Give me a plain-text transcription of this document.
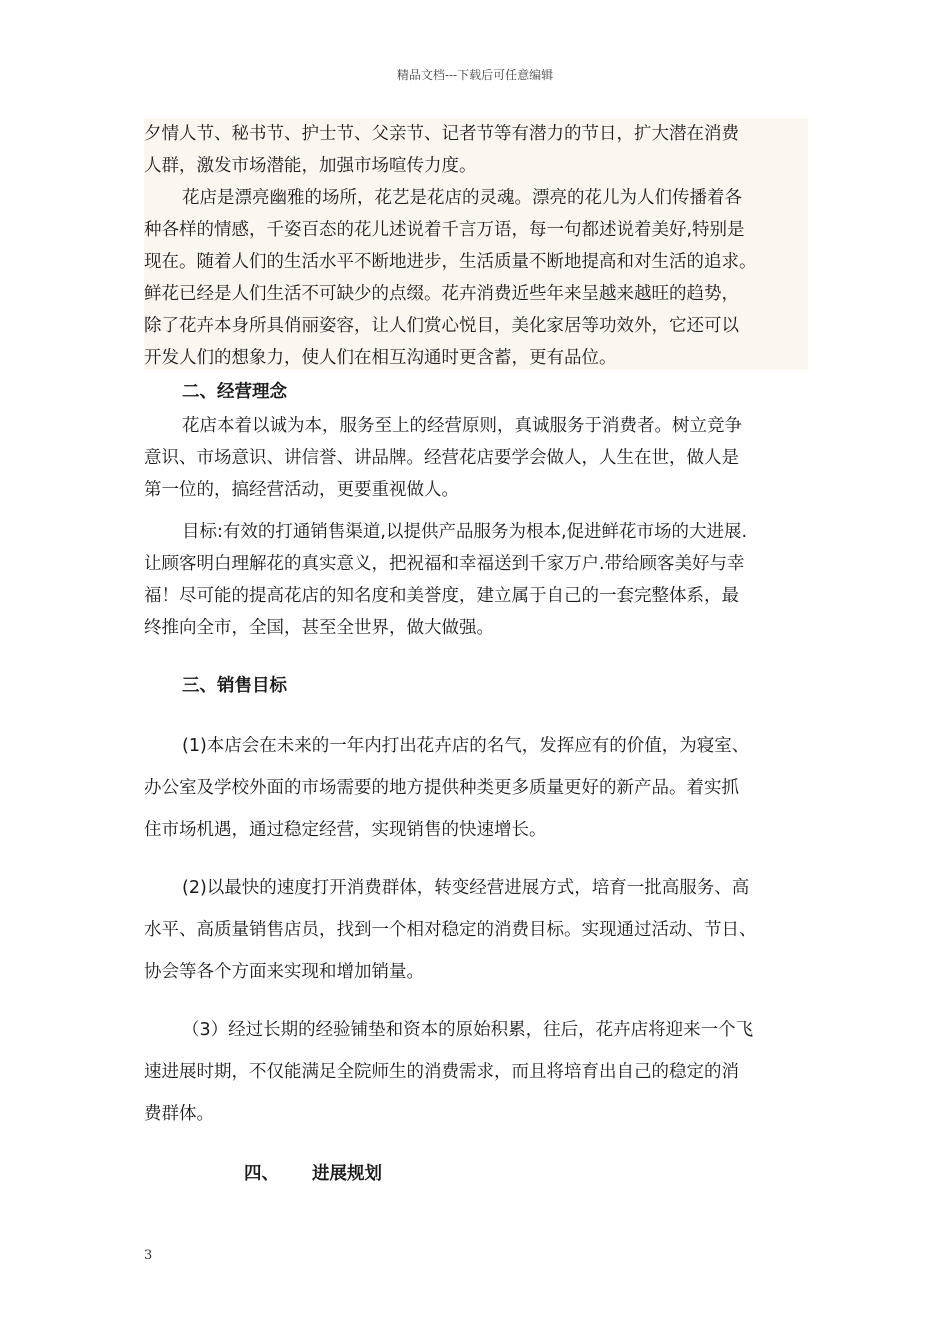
精品文档---下载后可任意编辑
夕情人节、秘书节、护士节、父亲节、记者节等有潜力的节日，扩大潜在消费
人群，激发市场潜能，加强市场喧传力度。
花店是漂亮幽雅的场所，花艺是花店的灵魂。漂亮的花儿为人们传播着各
种各样的情感，千姿百态的花儿述说着千言万语，每一句都述说着美好,特别是
现在。随着人们的生活水平不断地进步，生活质量不断地提高和对生活的追求。
鲜花已经是人们生活不可缺少的点缀。花卉消费近些年来呈越来越旺的趋势，
除了花卉本身所具俏丽姿容，让人们赏心悦目，美化家居等功效外，它还可以
开发人们的想象力，使人们在相互沟通时更含蓄，更有品位。
二、经营理念
花店本着以诚为本，服务至上的经营原则，真诚服务于消费者。树立竞争
意识、市场意识、讲信誉、讲品牌。经营花店要学会做人，人生在世，做人是
第一位的，搞经营活动，更要重视做人。
目标:有效的打通销售渠道,以提供产品服务为根本,促进鲜花市场的大进展.
让顾客明白理解花的真实意义，把祝福和幸福送到千家万户.带给顾客美好与幸
福！尽可能的提高花店的知名度和美誉度，建立属于自己的一套完整体系，最
终推向全市，全国，甚至全世界，做大做强。
三、销售目标
(1)本店会在未来的一年内打出花卉店的名气，发挥应有的价值，为寝室、
办公室及学校外面的市场需要的地方提供种类更多质量更好的新产品。着实抓
住市场机遇，通过稳定经营，实现销售的快速增长。
(2)以最快的速度打开消费群体，转变经营进展方式，培育一批高服务、高
水平、高质量销售店员，找到一个相对稳定的消费目标。实现通过活动、节日、
协会等各个方面来实现和增加销量。
（3）经过长期的经验铺垫和资本的原始积累，往后，花卉店将迎来一个飞
速进展时期，不仅能满足全院师生的消费需求，而且将培育出自己的稳定的消
费群体。
四、	进展规划
3
